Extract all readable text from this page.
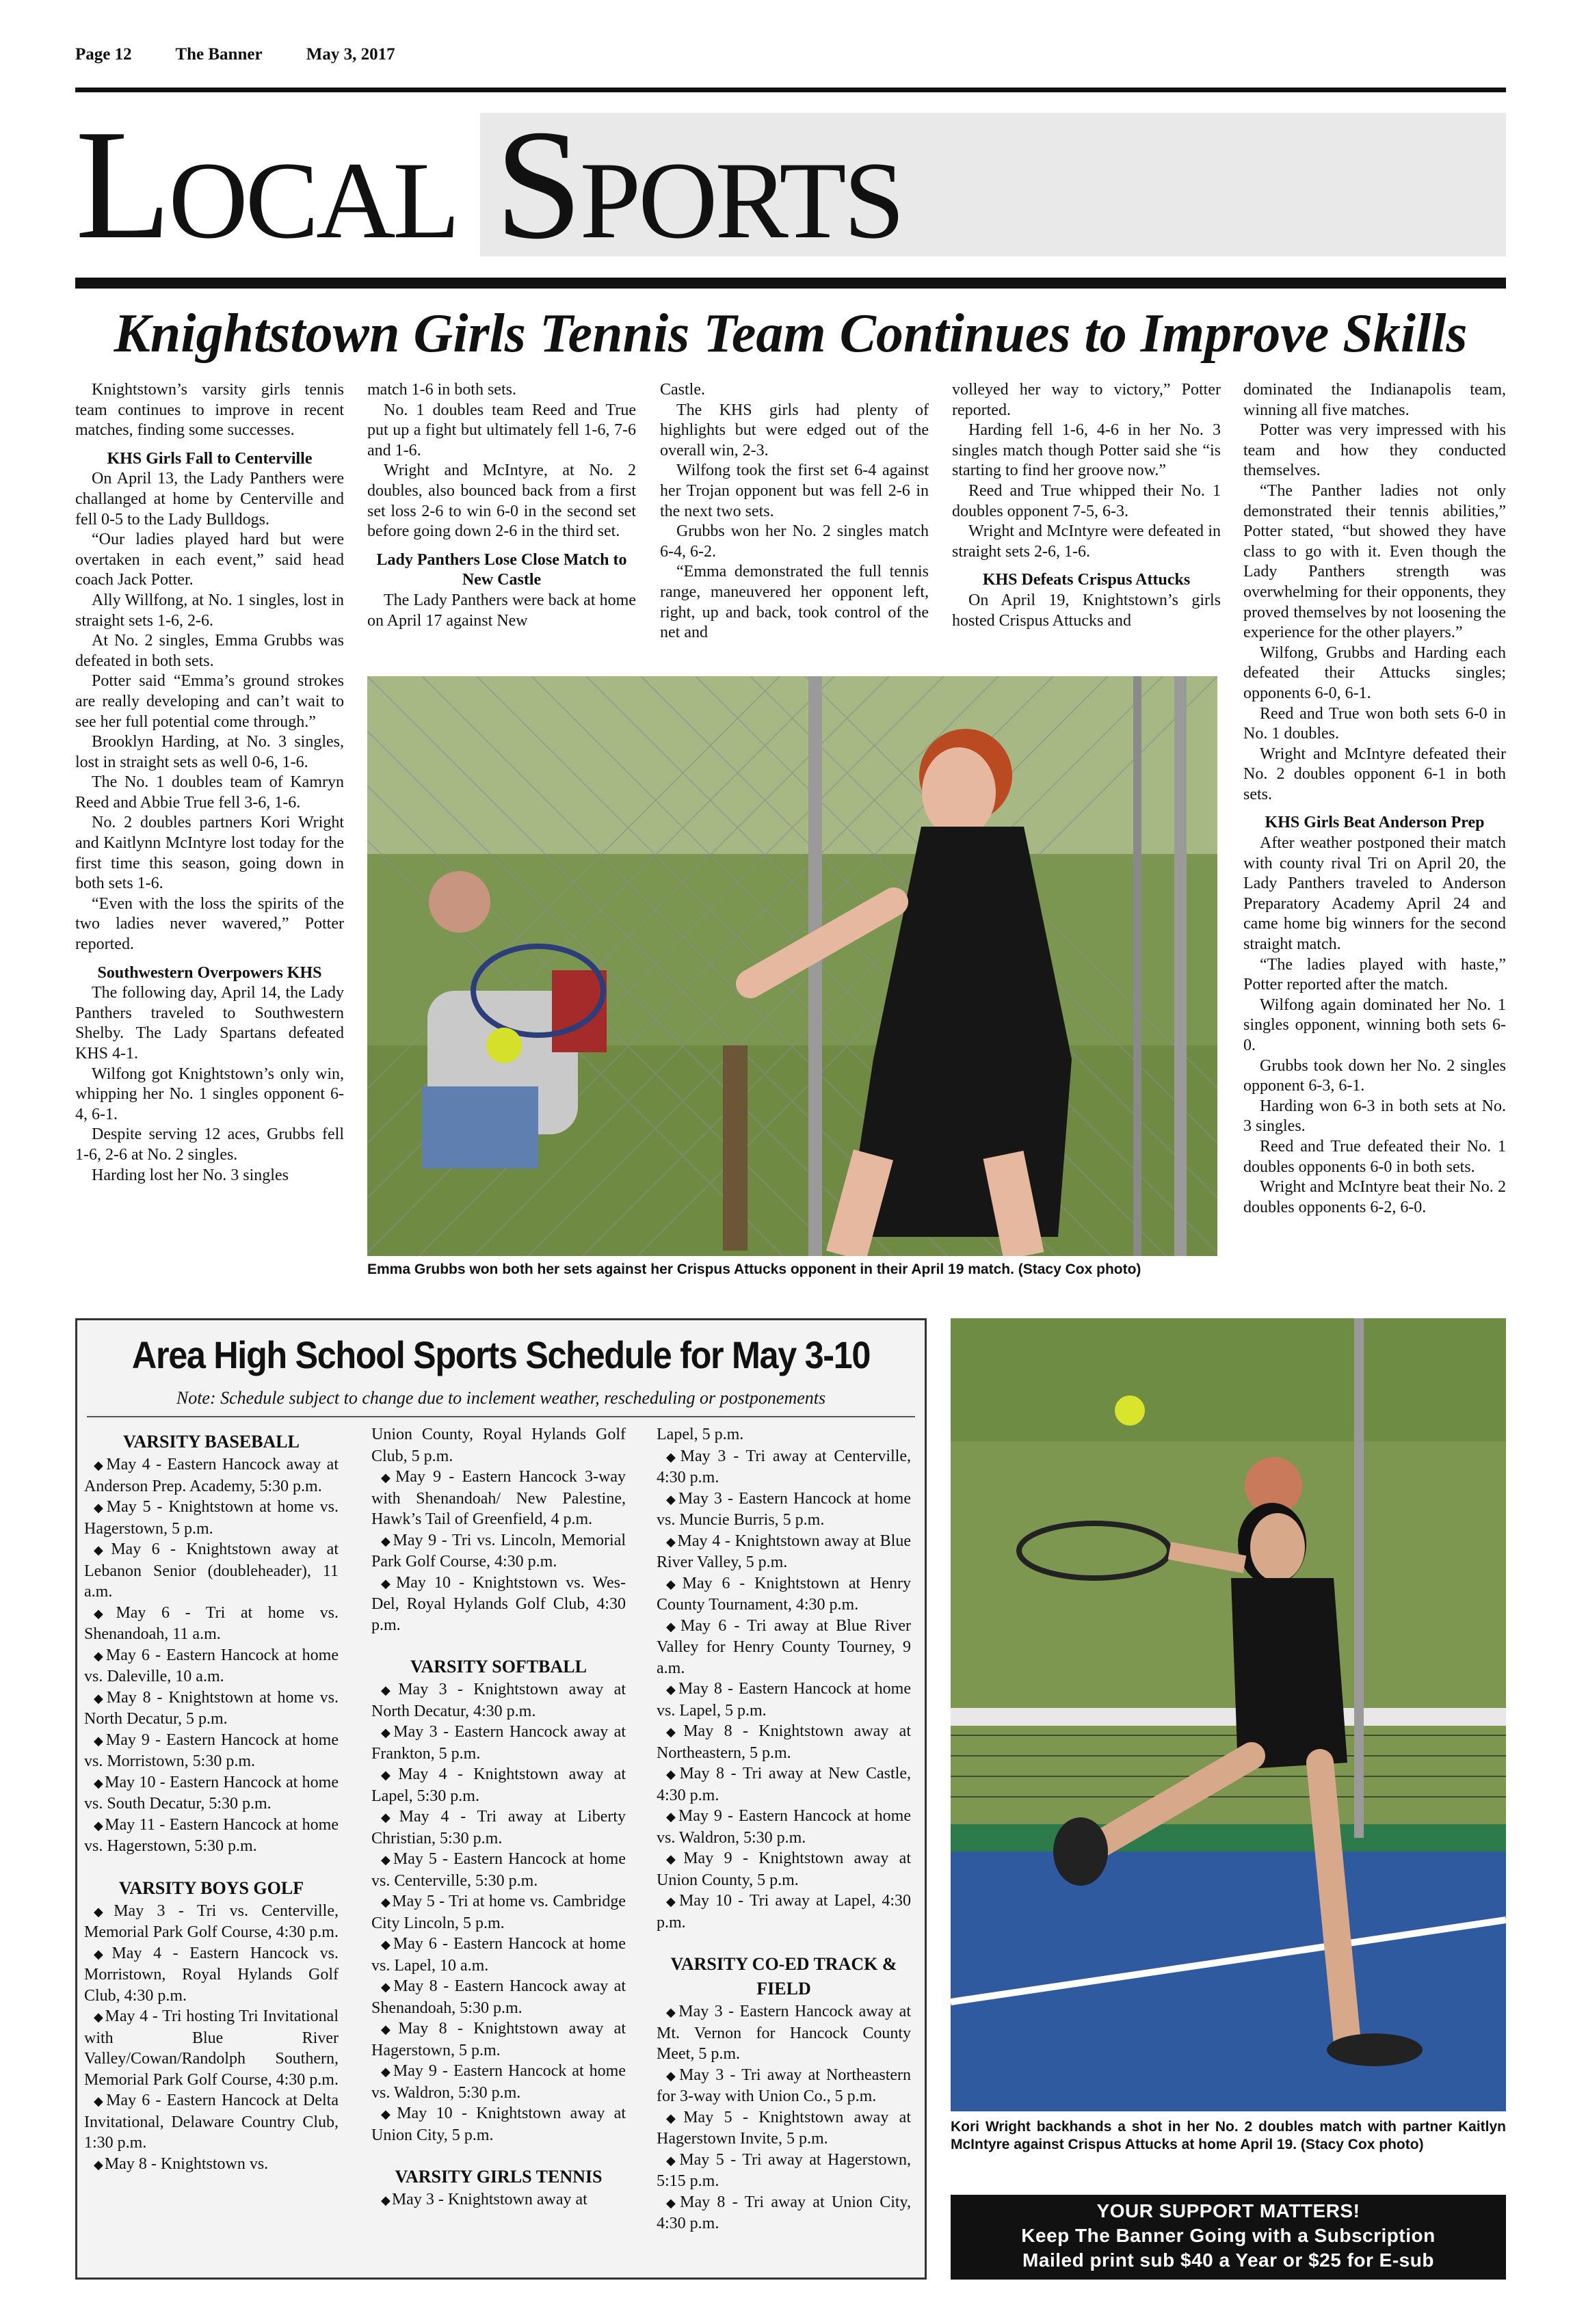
Page 12	The Banner	May 3, 2017
Local Sports
Knightstown Girls Tennis Team Continues to Improve Skills

Knightstown’s varsity girls tennis team continues to improve in recent matches, finding some successes.

KHS Girls Fall to Centerville

On April 13, the Lady Panthers were challanged at home by Centerville and fell 0-5 to the Lady Bulldogs.

“Our ladies played hard but were overtaken in each event,” said head coach Jack Potter.

Ally Willfong, at No. 1 singles, lost in straight sets 1-6, 2-6.

At No. 2 singles, Emma Grubbs was defeated in both sets.

Potter said “Emma’s ground strokes are really developing and can’t wait to see her full potential come through.”

Brooklyn Harding, at No. 3 singles, lost in straight sets as well 0-6, 1-6.

The No. 1 doubles team of Kamryn Reed and Abbie True fell 3-6, 1-6.

No. 2 doubles partners Kori Wright and Kaitlynn McIntyre lost today for the first time this season, going down in both sets 1-6.

“Even with the loss the spirits of the two ladies never wavered,” Potter reported.

Southwestern Overpowers KHS

The following day, April 14, the Lady Panthers traveled to Southwestern Shelby. The Lady Spartans defeated KHS 4-1.

Wilfong got Knightstown’s only win, whipping her No. 1 singles opponent 6-4, 6-1.

Despite serving 12 aces, Grubbs fell 1-6, 2-6 at No. 2 singles.

Harding lost her No. 3 singles

match 1-6 in both sets.

No. 1 doubles team Reed and True put up a fight but ultimately fell 1-6, 7-6 and 1-6.

Wright and McIntyre, at No. 2 doubles, also bounced back from a first set loss 2-6 to win 6-0 in the second set before going down 2-6 in the third set.

Lady Panthers Lose Close Match to New Castle

The Lady Panthers were back at home on April 17 against New

Castle.

The KHS girls had plenty of highlights but were edged out of the overall win, 2-3.

Wilfong took the first set 6-4 against her Trojan opponent but was fell 2-6 in the next two sets.

Grubbs won her No. 2 singles match 6-4, 6-2.

“Emma demonstrated the full tennis range, maneuvered her opponent left, right, up and back, took control of the net and

volleyed her way to victory,” Potter reported.

Harding fell 1-6, 4-6 in her No. 3 singles match though Potter said she “is starting to find her groove now.”

Reed and True whipped their No. 1 doubles opponent 7-5, 6-3.

Wright and McIntyre were defeated in straight sets 2-6, 1-6.

KHS Defeats Crispus Attucks

On April 19, Knightstown’s girls hosted Crispus Attucks and

dominated the Indianapolis team, winning all five matches.

Potter was very impressed with his team and how they conducted themselves.

“The Panther ladies not only demonstrated their tennis abilities,” Potter stated, “but showed they have class to go with it. Even though the Lady Panthers strength was overwhelming for their opponents, they proved themselves by not loosening the experience for the other players.”

Wilfong, Grubbs and Harding each defeated their Attucks singles; opponents 6-0, 6-1.

Reed and True won both sets 6-0 in No. 1 doubles.

Wright and McIntyre defeated their No. 2 doubles opponent 6-1 in both sets.

KHS Girls Beat Anderson Prep

After weather postponed their match with county rival Tri on April 20, the Lady Panthers traveled to Anderson Preparatory Academy April 24 and came home big winners for the second straight match.

“The ladies played with haste,” Potter reported after the match.

Wilfong again dominated her No. 1 singles opponent, winning both sets 6-0.

Grubbs took down her No. 2 singles opponent 6-3, 6-1.

Harding won 6-3 in both sets at No. 3 singles.

Reed and True defeated their No. 1 doubles opponents 6-0 in both sets.

Wright and McIntyre beat their No. 2 doubles opponents 6-2, 6-0.

Emma Grubbs won both her sets against her Crispus Attucks opponent in their April 19 match. (Stacy Cox photo)
Area High School Sports Schedule for May 3-10
Note: Schedule subject to change due to inclement weather, rescheduling or postponements
VARSITY BASEBALL

◆ May 4 - Eastern Hancock away at Anderson Prep. Academy, 5:30 p.m.

◆ May 5 - Knightstown at home vs. Hagerstown, 5 p.m.

◆ May 6 - Knightstown away at Lebanon Senior (doubleheader), 11 a.m.

◆ May 6 - Tri at home vs. Shenandoah, 11 a.m.

◆ May 6 - Eastern Hancock at home vs. Daleville, 10 a.m.

◆ May 8 - Knightstown at home vs. North Decatur, 5 p.m.

◆ May 9 - Eastern Hancock at home vs. Morristown, 5:30 p.m.

◆ May 10 - Eastern Hancock at home vs. South Decatur, 5:30 p.m.

◆ May 11 - Eastern Hancock at home vs. Hagerstown, 5:30 p.m.

VARSITY BOYS GOLF

◆ May 3 - Tri vs. Centerville, Memorial Park Golf Course, 4:30 p.m.

◆ May 4 - Eastern Hancock vs. Morristown, Royal Hylands Golf Club, 4:30 p.m.

◆ May 4 - Tri hosting Tri Invitational with Blue River Valley/Cowan/Randolph Southern, Memorial Park Golf Course, 4:30 p.m.

◆ May 6 - Eastern Hancock at Delta Invitational, Delaware Country Club, 1:30 p.m.

◆ May 8 - Knightstown vs.

Union County, Royal Hylands Golf Club, 5 p.m.

◆ May 9 - Eastern Hancock 3-way with Shenandoah/ New Palestine, Hawk’s Tail of Greenfield, 4 p.m.

◆ May 9 - Tri vs. Lincoln, Memorial Park Golf Course, 4:30 p.m.

◆ May 10 - Knightstown vs. Wes-Del, Royal Hylands Golf Club, 4:30 p.m.

VARSITY SOFTBALL

◆ May 3 - Knightstown away at North Decatur, 4:30 p.m.

◆ May 3 - Eastern Hancock away at Frankton, 5 p.m.

◆ May 4 - Knightstown away at Lapel, 5:30 p.m.

◆ May 4 - Tri away at Liberty Christian, 5:30 p.m.

◆ May 5 - Eastern Hancock at home vs. Centerville, 5:30 p.m.

◆ May 5 - Tri at home vs. Cambridge City Lincoln, 5 p.m.

◆ May 6 - Eastern Hancock at home vs. Lapel, 10 a.m.

◆ May 8 - Eastern Hancock away at Shenandoah, 5:30 p.m.

◆ May 8 - Knightstown away at Hagerstown, 5 p.m.

◆ May 9 - Eastern Hancock at home vs. Waldron, 5:30 p.m.

◆ May 10 - Knightstown away at Union City, 5 p.m.

VARSITY GIRLS TENNIS

◆ May 3 - Knightstown away at

Lapel, 5 p.m.

◆ May 3 - Tri away at Centerville, 4:30 p.m.

◆ May 3 - Eastern Hancock at home vs. Muncie Burris, 5 p.m.

◆ May 4 - Knightstown away at Blue River Valley, 5 p.m.

◆ May 6 - Knightstown at Henry County Tournament, 4:30 p.m.

◆ May 6 - Tri away at Blue River Valley for Henry County Tourney, 9 a.m.

◆ May 8 - Eastern Hancock at home vs. Lapel, 5 p.m.

◆ May 8 - Knightstown away at Northeastern, 5 p.m.

◆ May 8 - Tri away at New Castle, 4:30 p.m.

◆ May 9 - Eastern Hancock at home vs. Waldron, 5:30 p.m.

◆ May 9 - Knightstown away at Union County, 5 p.m.

◆ May 10 - Tri away at Lapel, 4:30 p.m.

VARSITY CO-ED TRACK & FIELD

◆ May 3 - Eastern Hancock away at Mt. Vernon for Hancock County Meet, 5 p.m.

◆ May 3 - Tri away at Northeastern for 3-way with Union Co., 5 p.m.

◆ May 5 - Knightstown away at Hagerstown Invite, 5 p.m.

◆ May 5 - Tri away at Hagerstown, 5:15 p.m.

◆ May 8 - Tri away at Union City, 4:30 p.m.

Kori Wright backhands a shot in her No. 2 doubles match with partner Kaitlyn McIntyre against Crispus Attucks at home April 19. (Stacy Cox photo)
YOUR SUPPORT MATTERS!
Keep The Banner Going with a Subscription
Mailed print sub $40 a Year or $25 for E-sub
